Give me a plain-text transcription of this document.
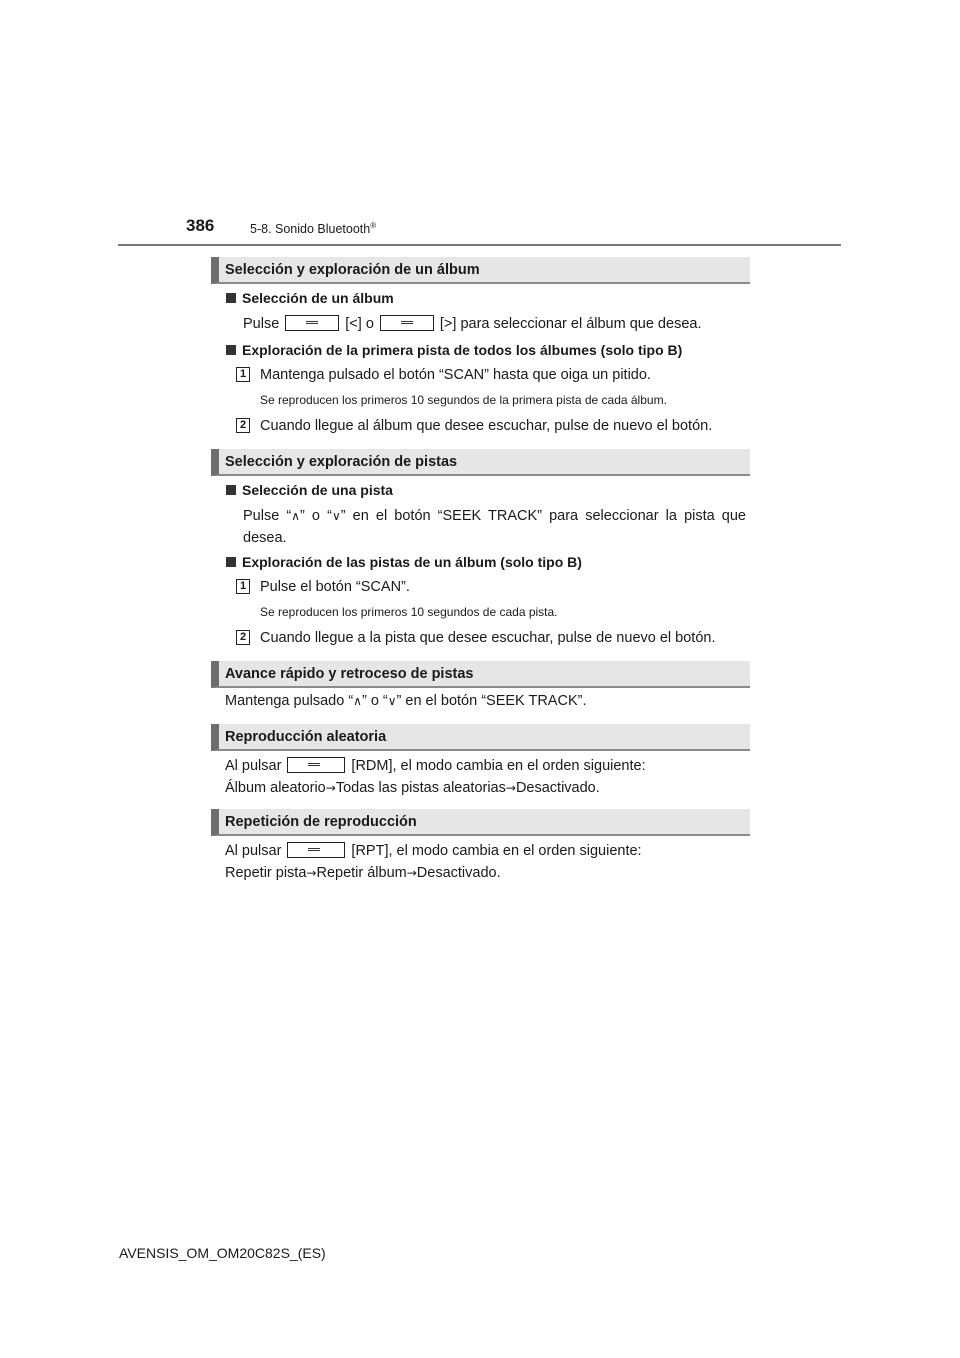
386	5-8. Sonido Bluetooth®
Selección y exploración de un álbum
Selección de un álbum
Pulse	[<] o	[>] para seleccionar el álbum que desea.
Exploración de la primera pista de todos los álbumes (solo tipo B)
1 Mantenga pulsado el botón “SCAN” hasta que oiga un pitido.
Se reproducen los primeros 10 segundos de la primera pista de cada álbum.
2 Cuando llegue al álbum que desee escuchar, pulse de nuevo el botón.
Selección y exploración de pistas
Selección de una pista
Pulse “∧” o “∨” en el botón “SEEK TRACK” para seleccionar la pista que
desea.
Exploración de las pistas de un álbum (solo tipo B)
1 Pulse el botón “SCAN”.
Se reproducen los primeros 10 segundos de cada pista.
2 Cuando llegue a la pista que desee escuchar, pulse de nuevo el botón.
Avance rápido y retroceso de pistas
Mantenga pulsado “∧” o “∨” en el botón “SEEK TRACK”.
Reproducción aleatoria
Al pulsar	[RDM], el modo cambia en el orden siguiente:
Álbum aleatorio→Todas las pistas aleatorias→Desactivado.
Repetición de reproducción
Al pulsar	[RPT], el modo cambia en el orden siguiente:
Repetir pista→Repetir álbum→Desactivado.
AVENSIS_OM_OM20C82S_(ES)
